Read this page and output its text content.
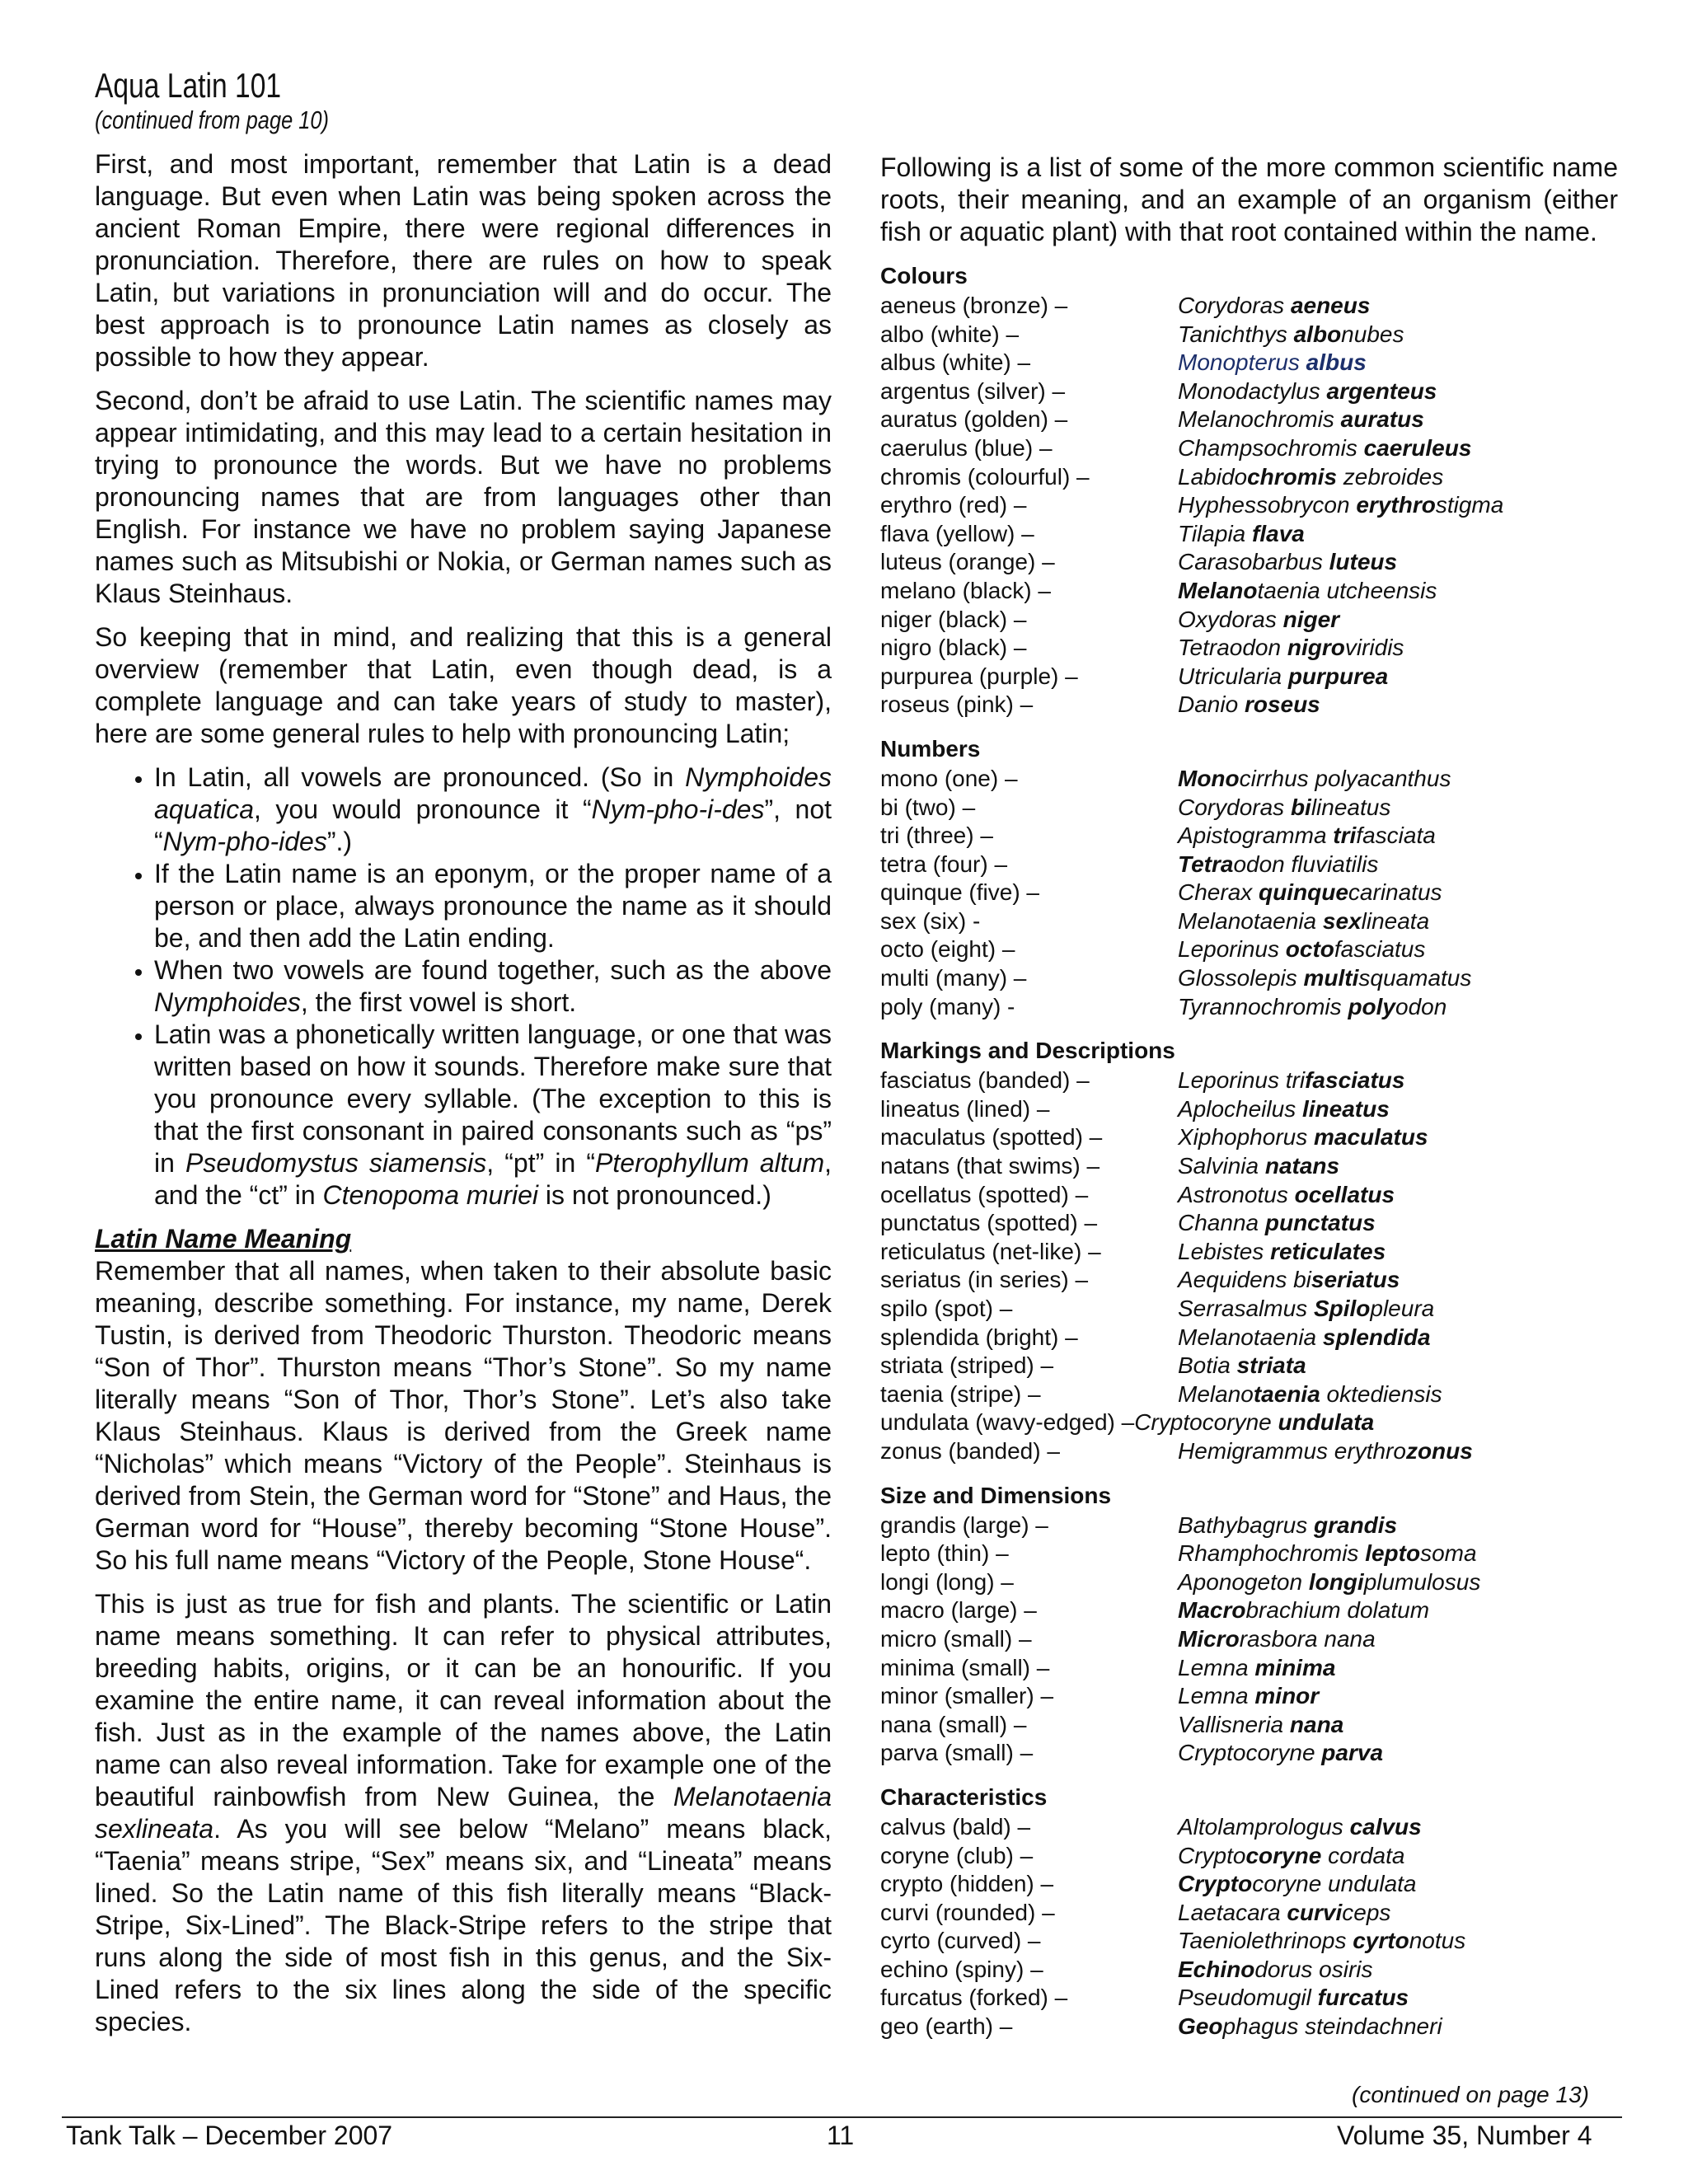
Aqua Latin 101
(continued from page 10)

First, and most important, remember that Latin is a dead language. But even when Latin was being spoken across the ancient Roman Empire, there were regional differences in pronunciation. Therefore, there are rules on how to speak Latin, but variations in pronunciation will and do occur. The best approach is to pronounce Latin names as closely as possible to how they appear.

Second, don’t be afraid to use Latin. The scientific names may appear intimidating, and this may lead to a certain hesitation in trying to pronounce the words. But we have no problems pronouncing names that are from languages other than English. For instance we have no problem saying Japanese names such as Mitsubishi or Nokia, or German names such as Klaus Steinhaus.

So keeping that in mind, and realizing that this is a general overview (remember that Latin, even though dead, is a complete language and can take years of study to master), here are some general rules to help with pronouncing Latin;

• In Latin, all vowels are pronounced. (So in Nymphoides aquatica, you would pronounce it “Nym-pho-i-des”, not “Nym-pho-ides”.)
• If the Latin name is an eponym, or the proper name of a person or place, always pronounce the name as it should be, and then add the Latin ending.
• When two vowels are found together, such as the above Nymphoides, the first vowel is short.
• Latin was a phonetically written language, or one that was written based on how it sounds. Therefore make sure that you pronounce every syllable. (The exception to this is that the first consonant in paired consonants such as “ps” in Pseudomystus siamensis, “pt” in “Pterophyllum altum, and the “ct” in Ctenopoma muriei is not pronounced.)
Latin Name Meaning

Remember that all names, when taken to their absolute basic meaning, describe something. For instance, my name, Derek Tustin, is derived from Theodoric Thurston. Theodoric means “Son of Thor”. Thurston means “Thor’s Stone”. So my name literally means “Son of Thor, Thor’s Stone”. Let’s also take Klaus Steinhaus. Klaus is derived from the Greek name “Nicholas” which means “Victory of the People”. Steinhaus is derived from Stein, the German word for “Stone” and Haus, the German word for “House”, thereby becoming “Stone House”. So his full name means “Victory of the People, Stone House“.

This is just as true for fish and plants. The scientific or Latin name means something. It can refer to physical attributes, breeding habits, origins, or it can be an honourific. If you examine the entire name, it can reveal information about the fish. Just as in the example of the names above, the Latin name can also reveal information. Take for example one of the beautiful rainbowfish from New Guinea, the Melanotaenia sexlineata. As you will see below “Melano” means black, “Taenia” means stripe, “Sex” means six, and “Lineata” means lined. So the Latin name of this fish literally means “Black-Stripe, Six-Lined”. The Black-Stripe refers to the stripe that runs along the side of most fish in this genus, and the Six-Lined refers to the six lines along the side of the specific species.

Following is a list of some of the more common scientific name roots, their meaning, and an example of an organism (either fish or aquatic plant) with that root contained within the name.

Colours
aeneus (bronze) –	Corydoras aeneus
albo (white) –	Tanichthys albonubes
albus (white) –	Monopterus albus
argentus (silver) –	Monodactylus argenteus
auratus (golden) –	Melanochromis auratus
caerulus (blue) –	Champsochromis caeruleus
chromis (colourful) –	Labidochromis zebroides
erythro (red) –	Hyphessobrycon erythrostigma
flava (yellow) –	Tilapia flava
luteus (orange) –	Carasobarbus luteus
melano (black) –	Melanotaenia utcheensis
niger (black) –	Oxydoras niger
nigro (black) –	Tetraodon nigroviridis
purpurea (purple) –	Utricularia purpurea
roseus (pink) –	Danio roseus
Numbers
mono (one) –	Monocirrhus polyacanthus
bi (two) –	Corydoras bilineatus
tri (three) –	Apistogramma trifasciata
tetra (four) –	Tetraodon fluviatilis
quinque (five) –	Cherax quinquecarinatus
sex (six) -	Melanotaenia sexlineata
octo (eight) –	Leporinus octofasciatus
multi (many) –	Glossolepis multisquamatus
poly (many) -	Tyrannochromis polyodon
Markings and Descriptions
fasciatus (banded) –	Leporinus trifasciatus
lineatus (lined) –	Aplocheilus lineatus
maculatus (spotted) –	Xiphophorus maculatus
natans (that swims) –	Salvinia natans
ocellatus (spotted) –	Astronotus ocellatus
punctatus (spotted) –	Channa punctatus
reticulatus (net-like) –	Lebistes reticulates
seriatus (in series) –	Aequidens biseriatus
spilo (spot) –	Serrasalmus Spilopleura
splendida (bright) –	Melanotaenia splendida
striata (striped) –	Botia striata
taenia (stripe) –	Melanotaenia oktediensis
undulata (wavy-edged) – Cryptocoryne undulata
zonus (banded) –	Hemigrammus erythrozonus
Size and Dimensions
grandis (large) –	Bathybagrus grandis
lepto (thin) –	Rhamphochromis leptosoma
longi (long) –	Aponogeton longiplumulosus
macro (large) –	Macrobrachium dolatum
micro (small) –	Microrasbora nana
minima (small) –	Lemna minima
minor (smaller) –	Lemna minor
nana (small) –	Vallisneria nana
parva (small) –	Cryptocoryne parva
Characteristics
calvus (bald) –	Altolamprologus calvus
coryne (club) –	Cryptocoryne cordata
crypto (hidden) –	Cryptocoryne undulata
curvi (rounded) –	Laetacara curviceps
cyrto (curved) –	Taeniolethrinops cyrtonotus
echino (spiny) –	Echinodorus osiris
furcatus (forked) –	Pseudomugil furcatus
geo (earth) –	Geophagus steindachneri
(continued on page 13)
Tank Talk – December 2007	11	Volume 35, Number 4
